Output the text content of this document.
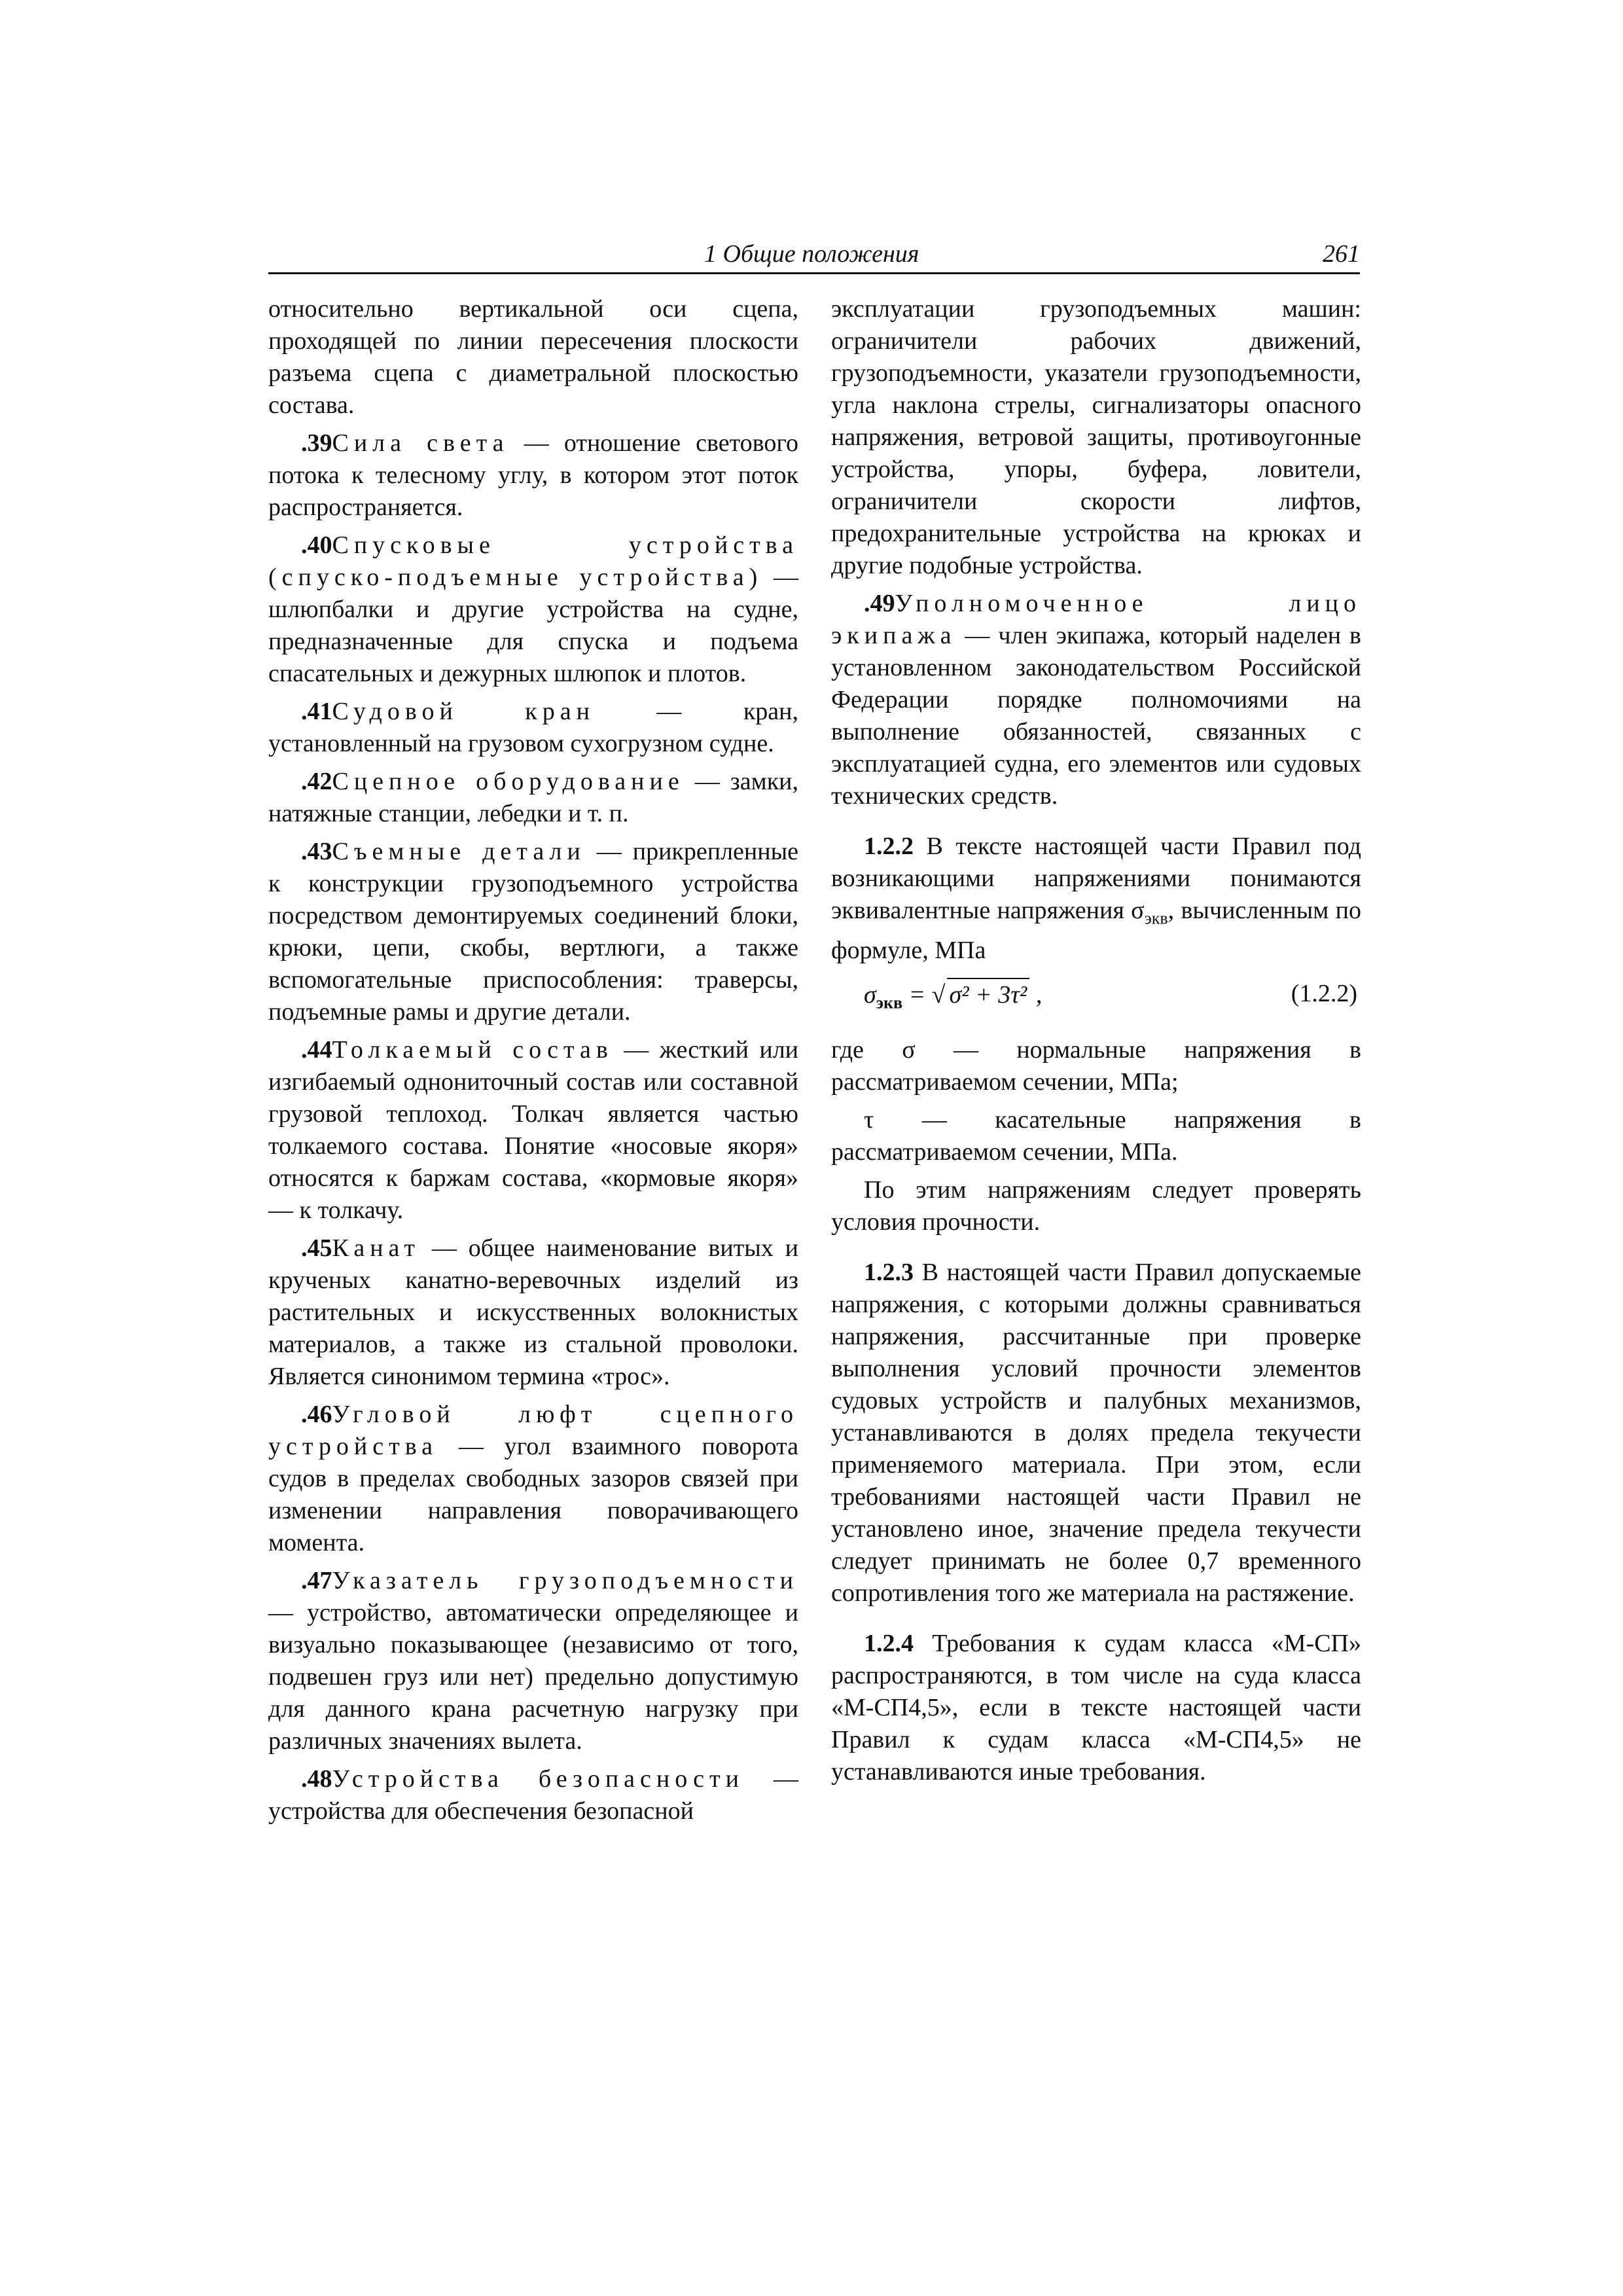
1 Общие положения	261

относительно вертикальной оси сцепа, проходящей по линии пересечения плоскости разъема сцепа с диаметральной плоскостью состава.

.39Сила света — отношение светового потока к телесному углу, в котором этот поток распространяется.

.40Спусковые устройства (спуско-подъемные устройства) — шлюпбалки и другие устройства на судне, предназначенные для спуска и подъема спасательных и дежурных шлюпок и плотов.

.41Судовой кран — кран, установленный на грузовом сухогрузном судне.

.42Сцепное оборудование — замки, натяжные станции, лебедки и т. п.

.43Съемные детали — прикрепленные к конструкции грузоподъемного устройства посредством демонтируемых соединений блоки, крюки, цепи, скобы, вертлюги, а также вспомогательные приспособления: траверсы, подъемные рамы и другие детали.

.44Толкаемый состав — жесткий или изгибаемый однониточный состав или составной грузовой теплоход. Толкач является частью толкаемого состава. Понятие «носовые якоря» относятся к баржам состава, «кормовые якоря» — к толкачу.

.45Канат — общее наименование витых и крученых канатно-веревочных изделий из растительных и искусственных волокнистых материалов, а также из стальной проволоки. Является синонимом термина «трос».

.46Угловой люфт сцепного устройства — угол взаимного поворота судов в пределах свободных зазоров связей при изменении направления поворачивающего момента.

.47Указатель грузоподъемности — устройство, автоматически определяющее и визуально показывающее (независимо от того, подвешен груз или нет) предельно допустимую для данного крана расчетную нагрузку при различных значениях вылета.

.48Устройства безопасности — устройства для обеспечения безопасной

эксплуатации грузоподъемных машин: ограничители рабочих движений, грузоподъемности, указатели грузоподъемности, угла наклона стрелы, сигнализаторы опасного напряжения, ветровой защиты, противоугонные устройства, упоры, буфера, ловители, ограничители скорости лифтов, предохранительные устройства на крюках и другие подобные устройства.

.49Уполномоченное лицо экипажа — член экипажа, который наделен в установленном законодательством Российской Федерации порядке полномочиями на выполнение обязанностей, связанных с эксплуатацией судна, его элементов или судовых технических средств.

1.2.2 В тексте настоящей части Правил под возникающими напряжениями понимаются эквивалентные напряжения $\sigma_{экв}$, вычисленным по формуле, МПа

$\sigma_{экв}$ = √ σ² + 3τ² ,	(1.2.2)

где σ — нормальные напряжения в рассматриваемом сечении, МПа;

τ — касательные напряжения в рассматриваемом сечении, МПа.

По этим напряжениям следует проверять условия прочности.

1.2.3 В настоящей части Правил допускаемые напряжения, с которыми должны сравниваться напряжения, рассчитанные при проверке выполнения условий прочности элементов судовых устройств и палубных механизмов, устанавливаются в долях предела текучести применяемого материала. При этом, если требованиями настоящей части Правил не установлено иное, значение предела текучести следует принимать не более 0,7 временного сопротивления того же материала на растяжение.

1.2.4 Требования к судам класса «М-СП» распространяются, в том числе на суда класса «М-СП4,5», если в тексте настоящей части Правил к судам класса «М-СП4,5» не устанавливаются иные требования.
